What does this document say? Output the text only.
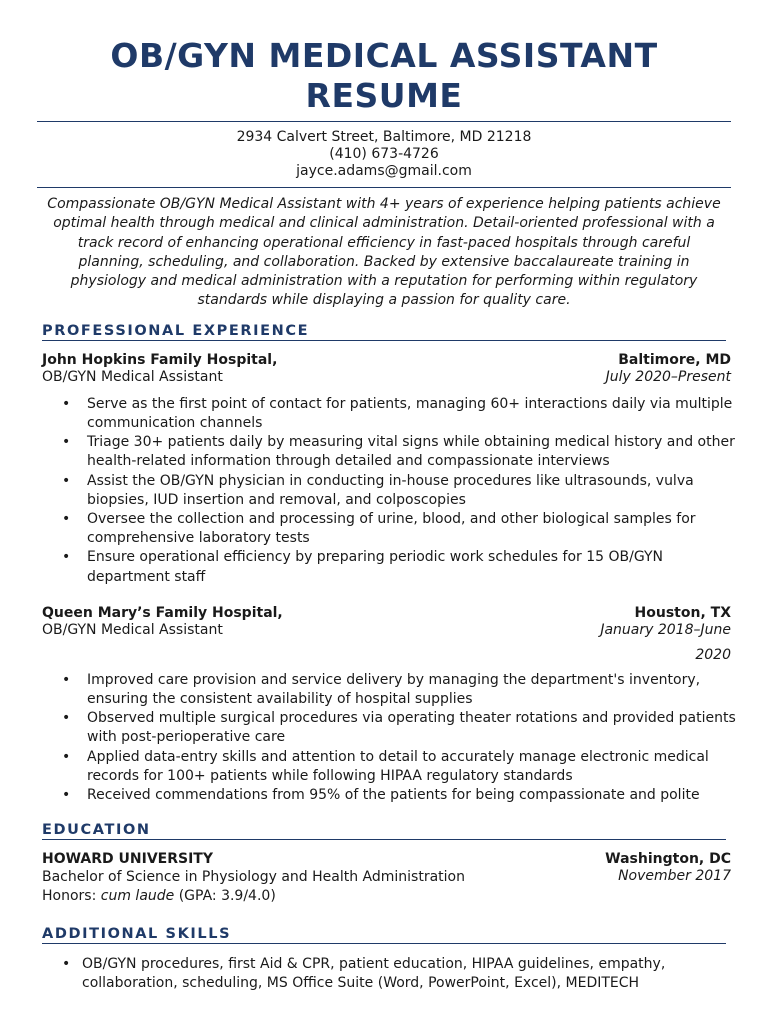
OB/GYN MEDICAL ASSISTANT
RESUME
2934 Calvert Street, Baltimore, MD 21218
(410) 673-4726
jayce.adams@gmail.com

Compassionate OB/GYN Medical Assistant with 4+ years of experience helping patients achieve optimal health through medical and clinical administration. Detail-oriented professional with a track record of enhancing operational efficiency in fast-paced hospitals through careful planning, scheduling, and collaboration. Backed by extensive baccalaureate training in physiology and medical administration with a reputation for performing within regulatory standards while displaying a passion for quality care.

PROFESSIONAL EXPERIENCE
John Hopkins Family Hospital,	Baltimore, MD
OB/GYN Medical Assistant	July 2020–Present
• Serve as the first point of contact for patients, managing 60+ interactions daily via multiple communication channels
• Triage 30+ patients daily by measuring vital signs while obtaining medical history and other health-related information through detailed and compassionate interviews
• Assist the OB/GYN physician in conducting in-house procedures like ultrasounds, vulva biopsies, IUD insertion and removal, and colposcopies
• Oversee the collection and processing of urine, blood, and other biological samples for comprehensive laboratory tests
• Ensure operational efficiency by preparing periodic work schedules for 15 OB/GYN department staff
Queen Mary’s Family Hospital,	Houston, TX
OB/GYN Medical Assistant	January 2018–June 2020
• Improved care provision and service delivery by managing the department's inventory, ensuring the consistent availability of hospital supplies
• Observed multiple surgical procedures via operating theater rotations and provided patients with post-perioperative care
• Applied data-entry skills and attention to detail to accurately manage electronic medical records for 100+ patients while following HIPAA regulatory standards
• Received commendations from 95% of the patients for being compassionate and polite
EDUCATION
HOWARD UNIVERSITY	Washington, DC
Bachelor of Science in Physiology and Health Administration	November 2017
Honors:
cum laude
(GPA: 3.9/4.0)
ADDITIONAL SKILLS
• OB/GYN procedures, first Aid & CPR, patient education, HIPAA guidelines, empathy, collaboration, scheduling, MS Office Suite (Word, PowerPoint, Excel), MEDITECH
